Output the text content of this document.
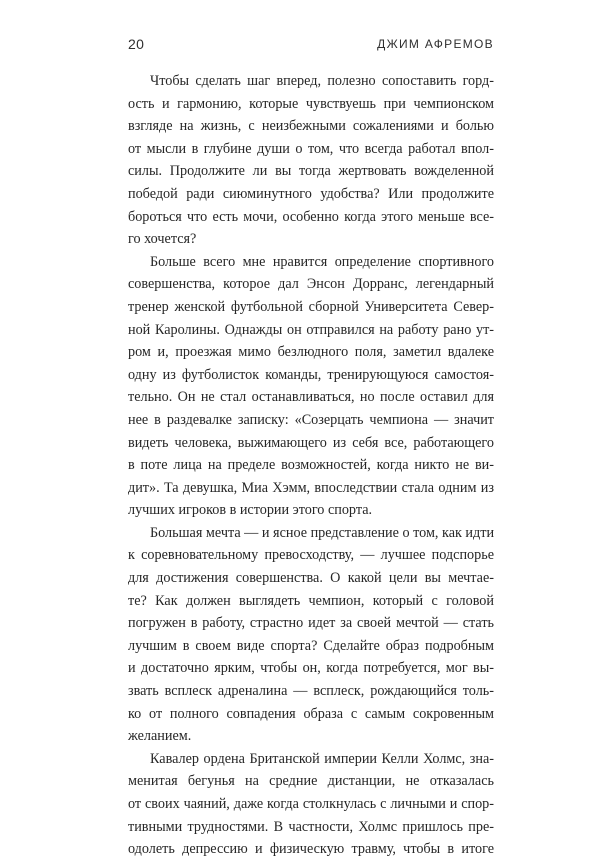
20	ДЖИМ АФРЕМОВ
Чтобы сделать шаг вперед, полезно сопоставить горд-
ость и гармонию, которые чувствуешь при чемпионском
взгляде на жизнь, с неизбежными сожалениями и болью
от мысли в глубине души о том, что всегда работал впол-
силы. Продолжите ли вы тогда жертвовать вожделенной
победой ради сиюминутного удобства? Или продолжите
бороться что есть мочи, особенно когда этого меньше все-
го хочется?
Больше всего мне нравится определение спортивного
совершенства, которое дал Энсон Дорранс, легендарный
тренер женской футбольной сборной Университета Север-
ной Каролины. Однажды он отправился на работу рано ут-
ром и, проезжая мимо безлюдного поля, заметил вдалеке
одну из футболисток команды, тренирующуюся самостоя-
тельно. Он не стал останавливаться, но после оставил для
нее в раздевалке записку: «Созерцать чемпиона — значит
видеть человека, выжимающего из себя все, работающего
в поте лица на пределе возможностей, когда никто не ви-
дит». Та девушка, Миа Хэмм, впоследствии стала одним из
лучших игроков в истории этого спорта.
Большая мечта — и ясное представление о том, как идти
к соревновательному превосходству, — лучшее подспорье
для достижения совершенства. О какой цели вы мечтае-
те? Как должен выглядеть чемпион, который с головой
погружен в работу, страстно идет за своей мечтой — стать
лучшим в своем виде спорта? Сделайте образ подробным
и достаточно ярким, чтобы он, когда потребуется, мог вы-
звать всплеск адреналина — всплеск, рождающийся толь-
ко от полного совпадения образа с самым сокровенным
желанием.
Кавалер ордена Британской империи Келли Холмс, зна-
менитая бегунья на средние дистанции, не отказалась
от своих чаяний, даже когда столкнулась с личными и спор-
тивными трудностями. В частности, Холмс пришлось пре-
одолеть депрессию и физическую травму, чтобы в итоге
